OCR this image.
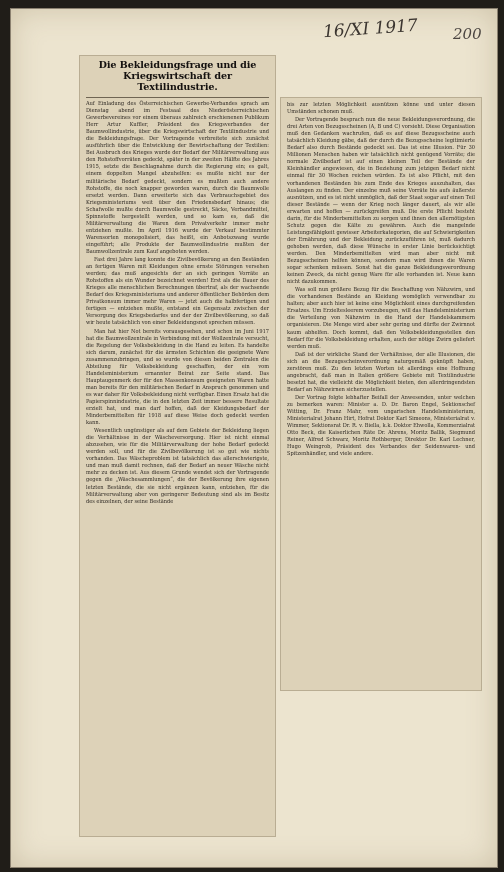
16/XI 1917 200
Die Bekleidungsfrage und die Kriegswirtschaft der Textilindustrie.

Auf Einladung des Österreichischen Gewerbe-Verbandes sprach am Dienstag abend im Festsaal des Niederösterreichischen Gewerbevereines vor einem überaus zahlreich erschienenen Publikum Herr Artur Kuffler, Präsident des Kriegsverbandes der Baumwollindustrie, über die Kriegswirtschaft der Textilindustrie und die Bekleidungsfrage. Der Vortragende verbreitete sich zunächst ausführlich über die Entwicklung der Bewirtschaftung der Textilien: Bei Ausbruch des Krieges wurde der Bedarf der Militärverwaltung aus den Rohstoffvorräten gedeckt, später in der zweiten Hälfte des Jahres 1915, setzte die Beschlagnahme durch die Regierung ein; es galt, einem doppelten Mangel abzuhelfen: es mußte nicht nur der militärische Bedarf gedeckt, sondern es mußten auch andere Rohstoffe, die noch knapper geworden waren, durch die Baumwolle ersetzt werden. Dann erweiterte sich das Verbrauchsgebiet des Kriegsministeriums weit über den Friedensbedarf hinaus; die Schafwolle mußte durch Baumwolle gestreckt, Säcke, Verbandmittel, Spinnstoffe hergestellt werden, und so kam es, daß die Militärverwaltung die Waren dem Privatverkehr immer mehr entziehen mußte. Im April 1916 wurde der Verkauf bestimmter Warensorten monopolisiert, das heißt, ein Anbotszwang wurde eingeführt; alle Produkte der Baumwollindustrie mußten der Baumwollzentrale zum Kauf angeboten werden.

Fast drei Jahre lang konnte die Zivilbevölkerung an den Beständen an fertigen Waren mit Kleidungen ohne ernste Störungen versehen werden; das muß angesichts der an sich geringen Vorräte an Rohstoffen als ein Wunder bezeichnet werden! Erst als die Dauer des Krieges alle menschlichen Berechnungen übertraf, als der wachsende Bedarf des Kriegsministeriums und anderer öffentlicher Behörden dem Privatkonsum immer mehr Waren — jetzt auch die halbfertigen und fertigen — entziehen mußte, entstand ein Gegensatz zwischen der Versorgung des Kriegsbedarfes und der der Zivilbevölkerung, so daß wir heute tatsächlich von einer Bekleidungsnot sprechen müssen.

Man hat hier Not bereits vorausgesehen, und schon im Juni 1917 hat die Baumwollzentrale in Verbindung mit der Wollzentrale versucht, die Regelung der Volksbekleidung in die Hand zu leiten. Es handelte sich darum, zunächst für die ärmsten Schichten die geeignete Ware zusammenzubringen, und so wurde von diesen beiden Zentralen die Abteilung für Volksbekleidung geschaffen, der ein vom Handelsministerium ernannter Beirat zur Seite stand. Das Hauptaugenmerk der für den Massenkonsum geeigneten Waren hatte man bereits für den militärischen Bedarf in Anspruch genommen und es war daher für Volksbekleidung nicht verfügbar. Einen Ersatz hat die Papierspinnindustrie, die in den letzten Zeit immer bessere Resultate erzielt hat, und man darf hoffen, daß der Kleidungsbedarf der Minderbemittelten für 1918 auf diese Weise doch gedeckt werden kann.

Wesentlich ungünstiger als auf dem Gebiete der Bekleidung liegen die Verhältnisse in der Wäscheversorgung. Hier ist nicht einmal abzusehen, wie für die Militärverwaltung der hohe Bedarf gedeckt werden soll, und für die Zivilbevölkerung ist so gut wie nichts vorhanden. Das Wäscheproblem ist tatsächlich das allerschwierigste, und man muß damit rechnen, daß der Bedarf an neuer Wäsche nicht mehr zu decken ist. Aus diesem Grunde wendet sich der Vortragende gegen die „Wäschesammlungen“, die der Bevölkerung ihre eigenen letzten Bestände, die sie nicht ergänzen kann, entziehen, für die Militärverwaltung aber von geringerer Bedeutung sind als im Besitz des einzelnen, der seine Bestände

bis zur letzten Möglichkeit ausnützen könne und unter diesen Umständen schonen muß.

Der Vortragende besprach nun die neue Bekleidungsverordnung, die drei Arten von Bezugsscheinen (A, B und C) vorsieht. Diese Organisation muß den Gedanken wachrufen, daß es auf diese Bezugsscheine auch tatsächlich Kleidung gäbe, daß der durch die Bezugsscheine legitimierte Bedarf also durch Bestände gedeckt sei. Das ist eine Illusion. Für 30 Millionen Menschen haben wir tatsächlich nicht genügend Vorräte; die normale Zivilbedarf ist auf einen kleinen Teil der Bestände der Kleinhändler angewiesen, die in Beziehung zum jetzigen Bedarf nicht einmal für 30 Wochen reichen würden. Es ist also Pflicht, mit den vorhandenen Beständen bis zum Ende des Krieges auszuhalten, das Auslangen zu finden. Der einzelne muß seine Vorräte bis aufs äußerste ausnützen, und es ist nicht unmöglich, daß der Staat sogar auf einen Teil dieser Bestände — wenn der Krieg noch länger dauert, als wir alle erwarten und hoffen — zurückgreifen muß. Die erste Pflicht besteht darin, für die Minderbemittelten zu sorgen und ihnen den allernötigsten Schutz gegen die Kälte zu gewähren. Auch die mangelnde Leistungsfähigkeit gewisser Arbeiterkategorien, die auf Schwierigkeiten der Ernährung und der Bekleidung zurückzuführen ist, muß dadurch gehoben werden, daß diese Wünsche in erster Linie berücksichtigt werden. Den Minderbemittelten wird man aber nicht mit Bezugsscheinen helfen können, sondern man wird ihnen die Waren sogar schenken müssen. Sonst hat die ganze Bekleidungsverordnung keinen Zweck, da nicht genug Ware für alle vorhanden ist. Neue kann nicht dazukommen.

Was soll nun größere Bezug für die Beschaffung von Nähzwirn, und die vorhandenen Bestände an Kleidung womöglich verwendbar zu halten; aber auch hier ist keine eine Möglichkeit eines durchgreifenden Ersatzes. Um Erzieltesleerem vorzubeugen, will das Handelsministerium die Verteilung von Nähzwirn in die Hand der Handelskammern organisieren. Die Menge wird aber sehr gering und dürfte der Zwirnnot kaum abhelfen. Doch kommt, daß den Volksbekleidungsstellen den Bedarf für die Volksbekleidung erhalten, auch der nötige Zwirn geliefert werden muß.

Daß ist der wirkliche Stand der Verhältnisse, der alle Illusionen, die sich an die Bezugsscheinverordnung naturgemäß geknüpft haben, zerstören muß. Zu den letzten Worten ist allerdings eine Hoffnung angebracht, daß man in Italien größere Gebiete mit Textilindustrie besetzt hat, die vielleicht die Möglichkeit bieten, den allerdringendsten Bedarf an Nähzwirnen sicherzustellen.

Der Vortrag folgte lebhafter Beifall der Anwesenden, unter welchen zu bemerken waren: Minister a. D. Dr. Baron Engel, Sektionschef Witting, Dr. Franz Mahr, vom ungarischen Handelsministerium, Ministerialrat Johann Hirt, Hofrat Doktor Karl Simeons, Ministerialrat v. Wimmer, Sektionsrat Dr. R. v. Biella, k.k. Doktor Ehwolla, Kommerzialrat Otto Beck, die Kaiserlichen Räte Dr. Ahrens, Moritz Ballik, Siegmund Reiner, Alfred Schwarz, Moritz Rothberger, Direktor Dr. Karl Lechner, Hugo Weingrob, Präsident des Verbandes der Seidenwaren- und Spitzenhändler, und viele andere.
